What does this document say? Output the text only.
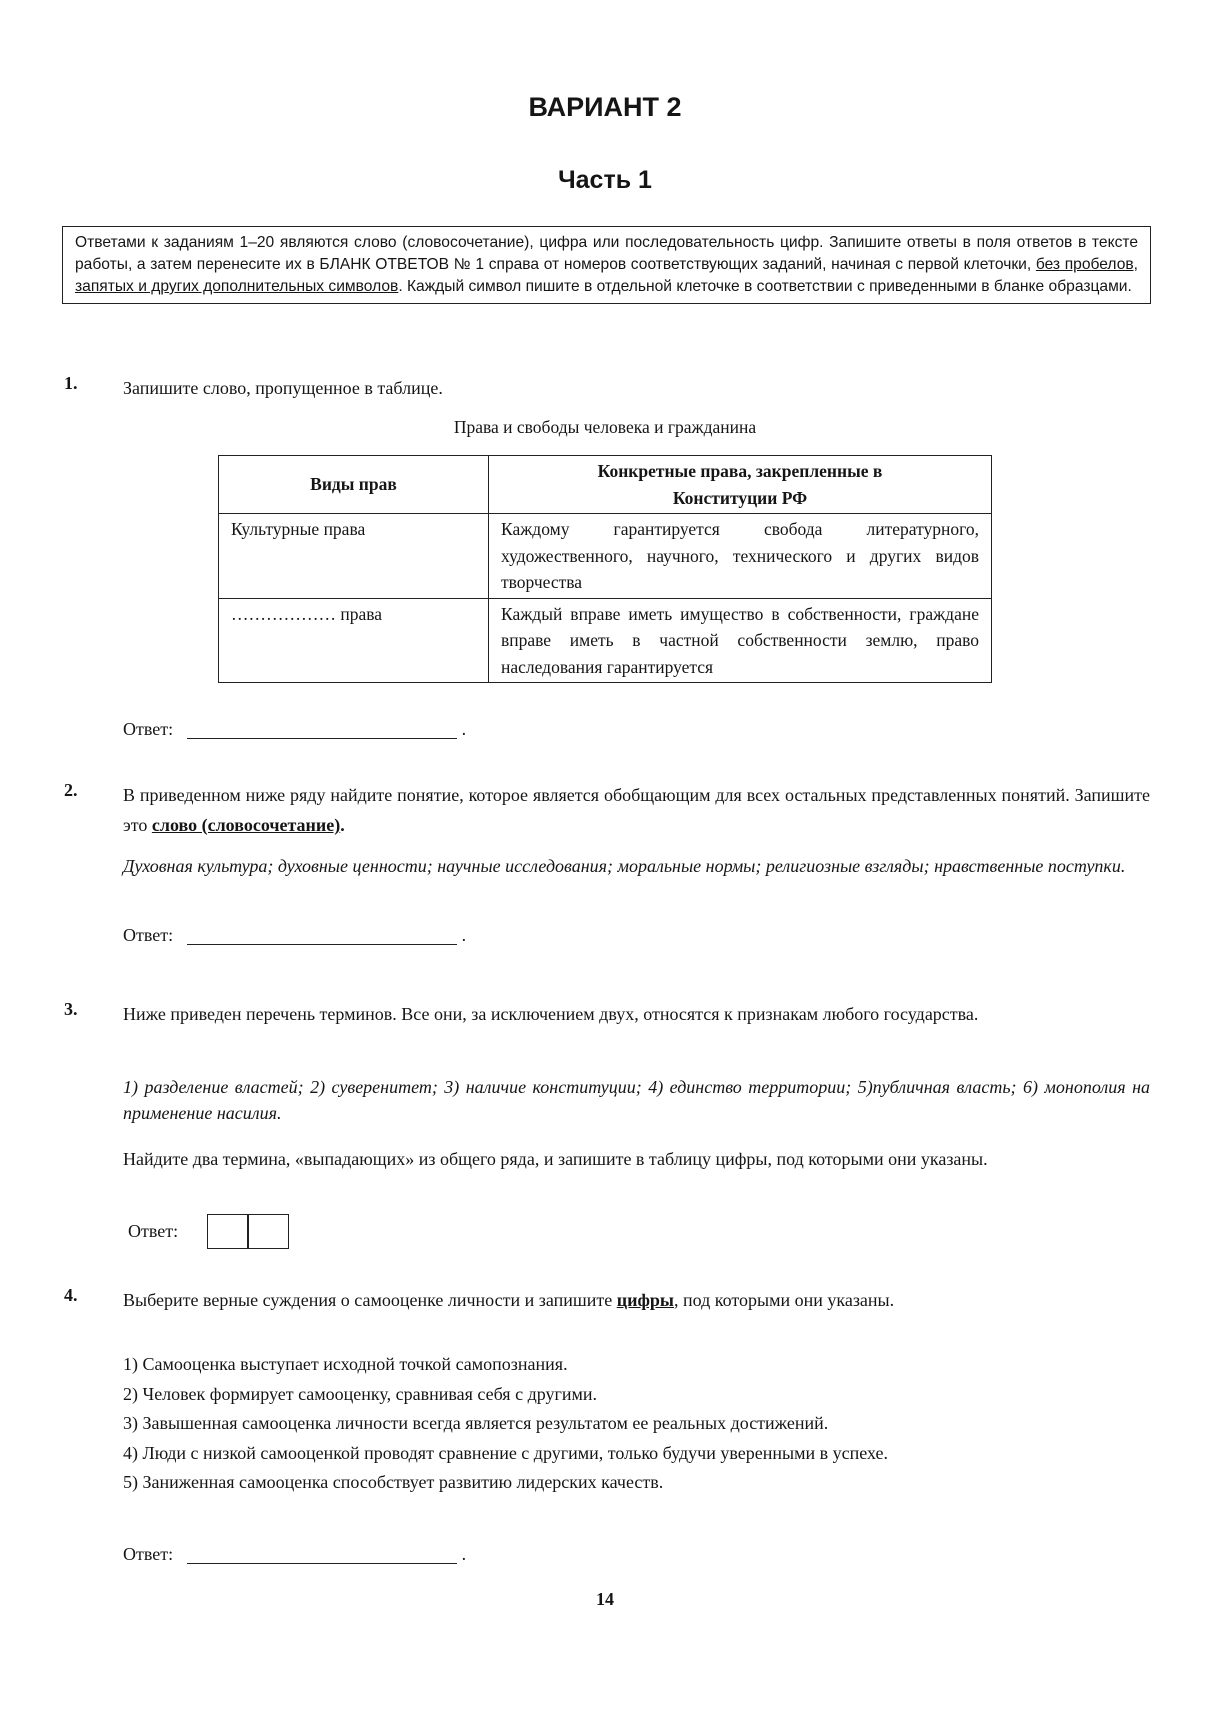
ВАРИАНТ 2
Часть 1
Ответами к заданиям 1–20 являются слово (словосочетание), цифра или последовательность цифр. Запишите ответы в поля ответов в тексте работы, а затем перенесите их в БЛАНК ОТВЕТОВ № 1 справа от номеров соответствующих заданий, начиная с первой клеточки, без пробелов, запятых и других дополнительных символов. Каждый символ пишите в отдельной клеточке в соответствии с приведенными в бланке образцами.
1.	Запишите слово, пропущенное в таблице.
Права и свободы человека и гражданина
Виды прав	Конкретные права, закрепленные в Конституции РФ
Культурные права	Каждому гарантируется свобода литературного, художественного, научного, технического и других видов творчества
……………… права	Каждый вправе иметь имущество в собственности, граждане вправе иметь в частной собственности землю, право наследования гарантируется
Ответ:	.
2.	В приведенном ниже ряду найдите понятие, которое является обобщающим для всех остальных представленных понятий. Запишите это слово (словосочетание).
Духовная культура; духовные ценности; научные исследования; моральные нормы; религиозные взгляды; нравственные поступки.
Ответ:	.
3.	Ниже приведен перечень терминов. Все они, за исключением двух, относятся к признакам любого государства.
1) разделение властей; 2) суверенитет; 3) наличие конституции; 4) единство территории; 5)публичная власть; 6) монополия на применение насилия.
Найдите два термина, «выпадающих» из общего ряда, и запишите в таблицу цифры, под которыми они указаны.
Ответ:
4.	Выберите верные суждения о самооценке личности и запишите цифры, под которыми они указаны.
1) Самооценка выступает исходной точкой самопознания.
2) Человек формирует самооценку, сравнивая себя с другими.
3) Завышенная самооценка личности всегда является результатом ее реальных достижений.
4) Люди с низкой самооценкой проводят сравнение с другими, только будучи уверенными в успехе.
5) Заниженная самооценка способствует развитию лидерских качеств.
Ответ:	.
14
